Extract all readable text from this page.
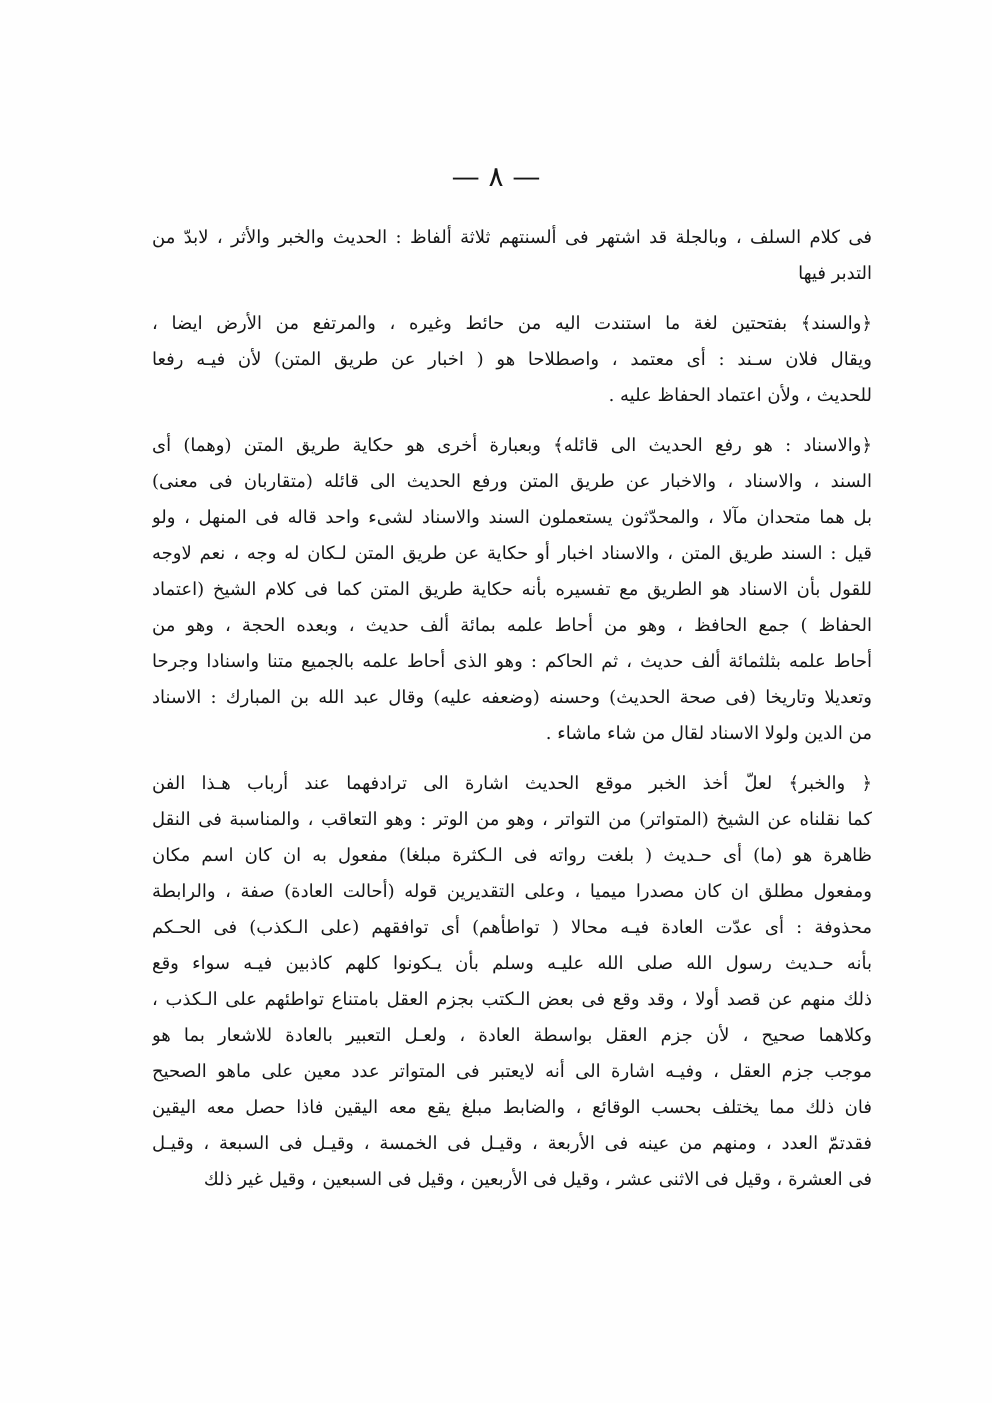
— ٨ —
فى كلام السلف ، وبالجلة قد اشتهر فى ألسنتهم ثلاثة ألفاظ : الحديث والخبر والأثر ، لابدّ من
التدبر فيها
﴿والسند﴾ بفتحتين لغة ما استندت اليه من حائط وغيره ، والمرتفع من الأرض ايضا ،
ويقال فلان سـند : أى معتمد ، واصطلاحا هو ( اخبار عن طريق المتن) لأن فيـه رفعا
للحديث ، ولأن اعتماد الحفاظ عليه .
﴿والاسناد : هو رفع الحديث الى قائله﴾ وبعبارة أخرى هو حكاية طريق المتن (وهما) أى
السند ، والاسناد ، والاخبار عن طريق المتن ورفع الحديث الى قائله (متقاربان فى معنى)
بل هما متحدان مآلا ، والمحدّثون يستعملون السند والاسناد لشىء واحد قاله فى المنهل ، ولو
قيل : السند طريق المتن ، والاسناد اخبار أو حكاية عن طريق المتن لـكان له وجه ، نعم لاوجه
للقول بأن الاسناد هو الطريق مع تفسيره بأنه حكاية طريق المتن كما فى كلام الشيخ (اعتماد
الحفاظ ) جمع الحافظ ، وهو من أحاط علمه بمائة ألف حديث ، وبعده الحجة ، وهو من
أحاط علمه بثلثمائة ألف حديث ، ثم الحاكم : وهو الذى أحاط علمه بالجميع متنا واسنادا وجرحا
وتعديلا وتاريخا (فى صحة الحديث) وحسنه (وضعفه عليه) وقال عبد الله بن المبارك : الاسناد
من الدين ولولا الاسناد لقال من شاء ماشاء .
﴿ والخبر﴾ لعلّ أخذ الخبر موقع الحديث اشارة الى ترادفهما عند أرباب هـذا الفن
كما نقلناه عن الشيخ (المتواتر) من التواتر ، وهو من الوتر : وهو التعاقب ، والمناسبة فى النقل
ظاهرة هو (ما) أى حـديث ( بلغت رواته فى الـكثرة مبلغا) مفعول به ان كان اسم مكان
ومفعول مطلق ان كان مصدرا ميميا ، وعلى التقديرين قوله (أحالت العادة) صفة ، والرابطة
محذوفة : أى عدّت العادة فيـه محالا ( تواطأهم) أى توافقهم (على الـكذب) فى الحـكم
بأنه حـديث رسول الله صلى الله عليـه وسلم بأن يـكونوا كلهم كاذبين فيـه سواء وقع
ذلك منهم عن قصد أولا ، وقد وقع فى بعض الـكتب بجزم العقل بامتناع تواطئهم على الـكذب ،
وكلاهما صحيح ، لأن جزم العقل بواسطة العادة ، ولعـل التعبير بالعادة للاشعار بما هو
موجب جزم العقل ، وفيـه اشارة الى أنه لايعتبر فى المتواتر عدد معين على ماهو الصحيح
فان ذلك مما يختلف بحسب الوقائع ، والضابط مبلغ يقع معه اليقين فاذا حصل معه اليقين
فقدتمّ العدد ، ومنهم من عينه فى الأربعة ، وقيـل فى الخمسة ، وقيـل فى السبعة ، وقيـل
فى العشرة ، وقيل فى الاثنى عشر ، وقيل فى الأربعين ، وقيل فى السبعين ، وقيل غير ذلك
